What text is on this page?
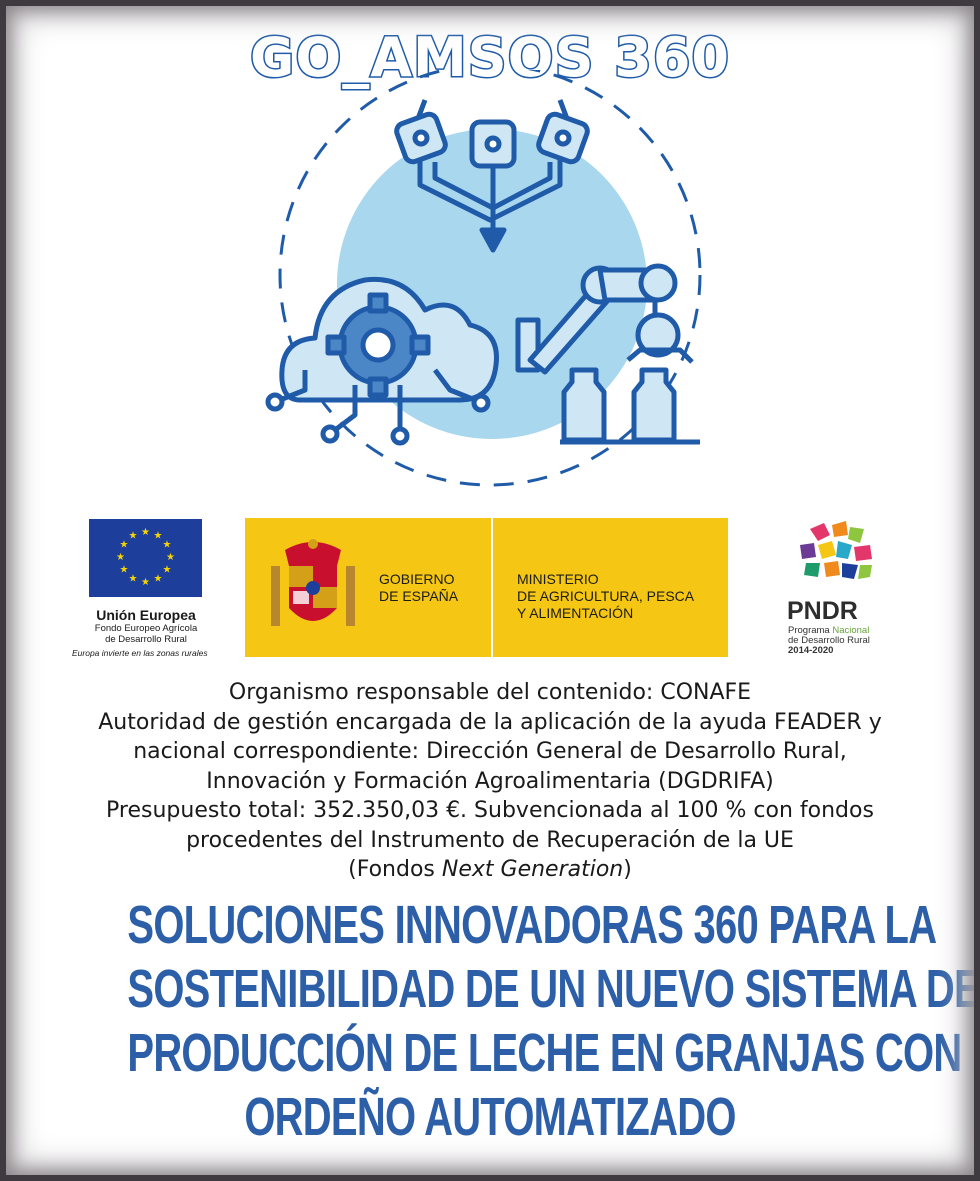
GO_AMSOS 360
★ ★
★
★
★
★
★
★
★
★
★
★
Unión Europea
Fondo Europeo Agrícola
de Desarrollo Rural
Europa invierte en las zonas rurales
GOBIERNO
DE ESPAÑA
MINISTERIO
DE AGRICULTURA, PESCA
Y ALIMENTACIÓN	PNDR
Programa Nacional
de Desarrollo Rural
2014-2020
Organismo responsable del contenido: CONAFE
Autoridad de gestión encargada de la aplicación de la ayuda FEADER y
nacional correspondiente: Dirección General de Desarrollo Rural,
Innovación y Formación Agroalimentaria (DGDRIFA)
Presupuesto total: 352.350,03 €. Subvencionada al 100 % con fondos
procedentes del Instrumento de Recuperación de la UE
(Fondos Next Generation)
SOLUCIONES INNOVADORAS 360 PARA LA
SOSTENIBILIDAD DE UN NUEVO SISTEMA DE
PRODUCCIÓN DE LECHE EN GRANJAS CON
ORDEÑO AUTOMATIZADO
